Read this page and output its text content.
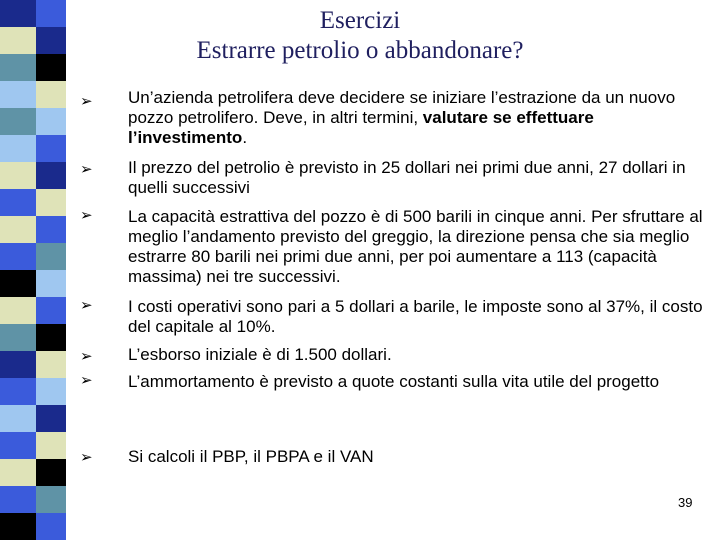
Esercizi
Estrarre petrolio o abbandonare?
➢ Un’azienda petrolifera deve decidere se iniziare l’estrazione da un nuovo pozzo petrolifero. Deve, in altri termini, valutare se effettuare l’investimento.
➢ Il prezzo del petrolio è previsto in 25 dollari nei primi due anni, 27 dollari in quelli successivi
➢ La capacità estrattiva del pozzo è di 500 barili in cinque anni. Per sfruttare al meglio l’andamento previsto del greggio, la direzione pensa che sia meglio estrarre 80 barili nei primi due anni, per poi aumentare a 113 (capacità massima) nei tre successivi.
➢ I costi operativi sono pari a 5 dollari a barile, le imposte sono al 37%, il costo del capitale al 10%.
➢ L’esborso iniziale è di 1.500 dollari.
➢ L’ammortamento è previsto a quote costanti sulla vita utile del progetto
➢ Si calcoli il PBP, il PBPA e il VAN
39
